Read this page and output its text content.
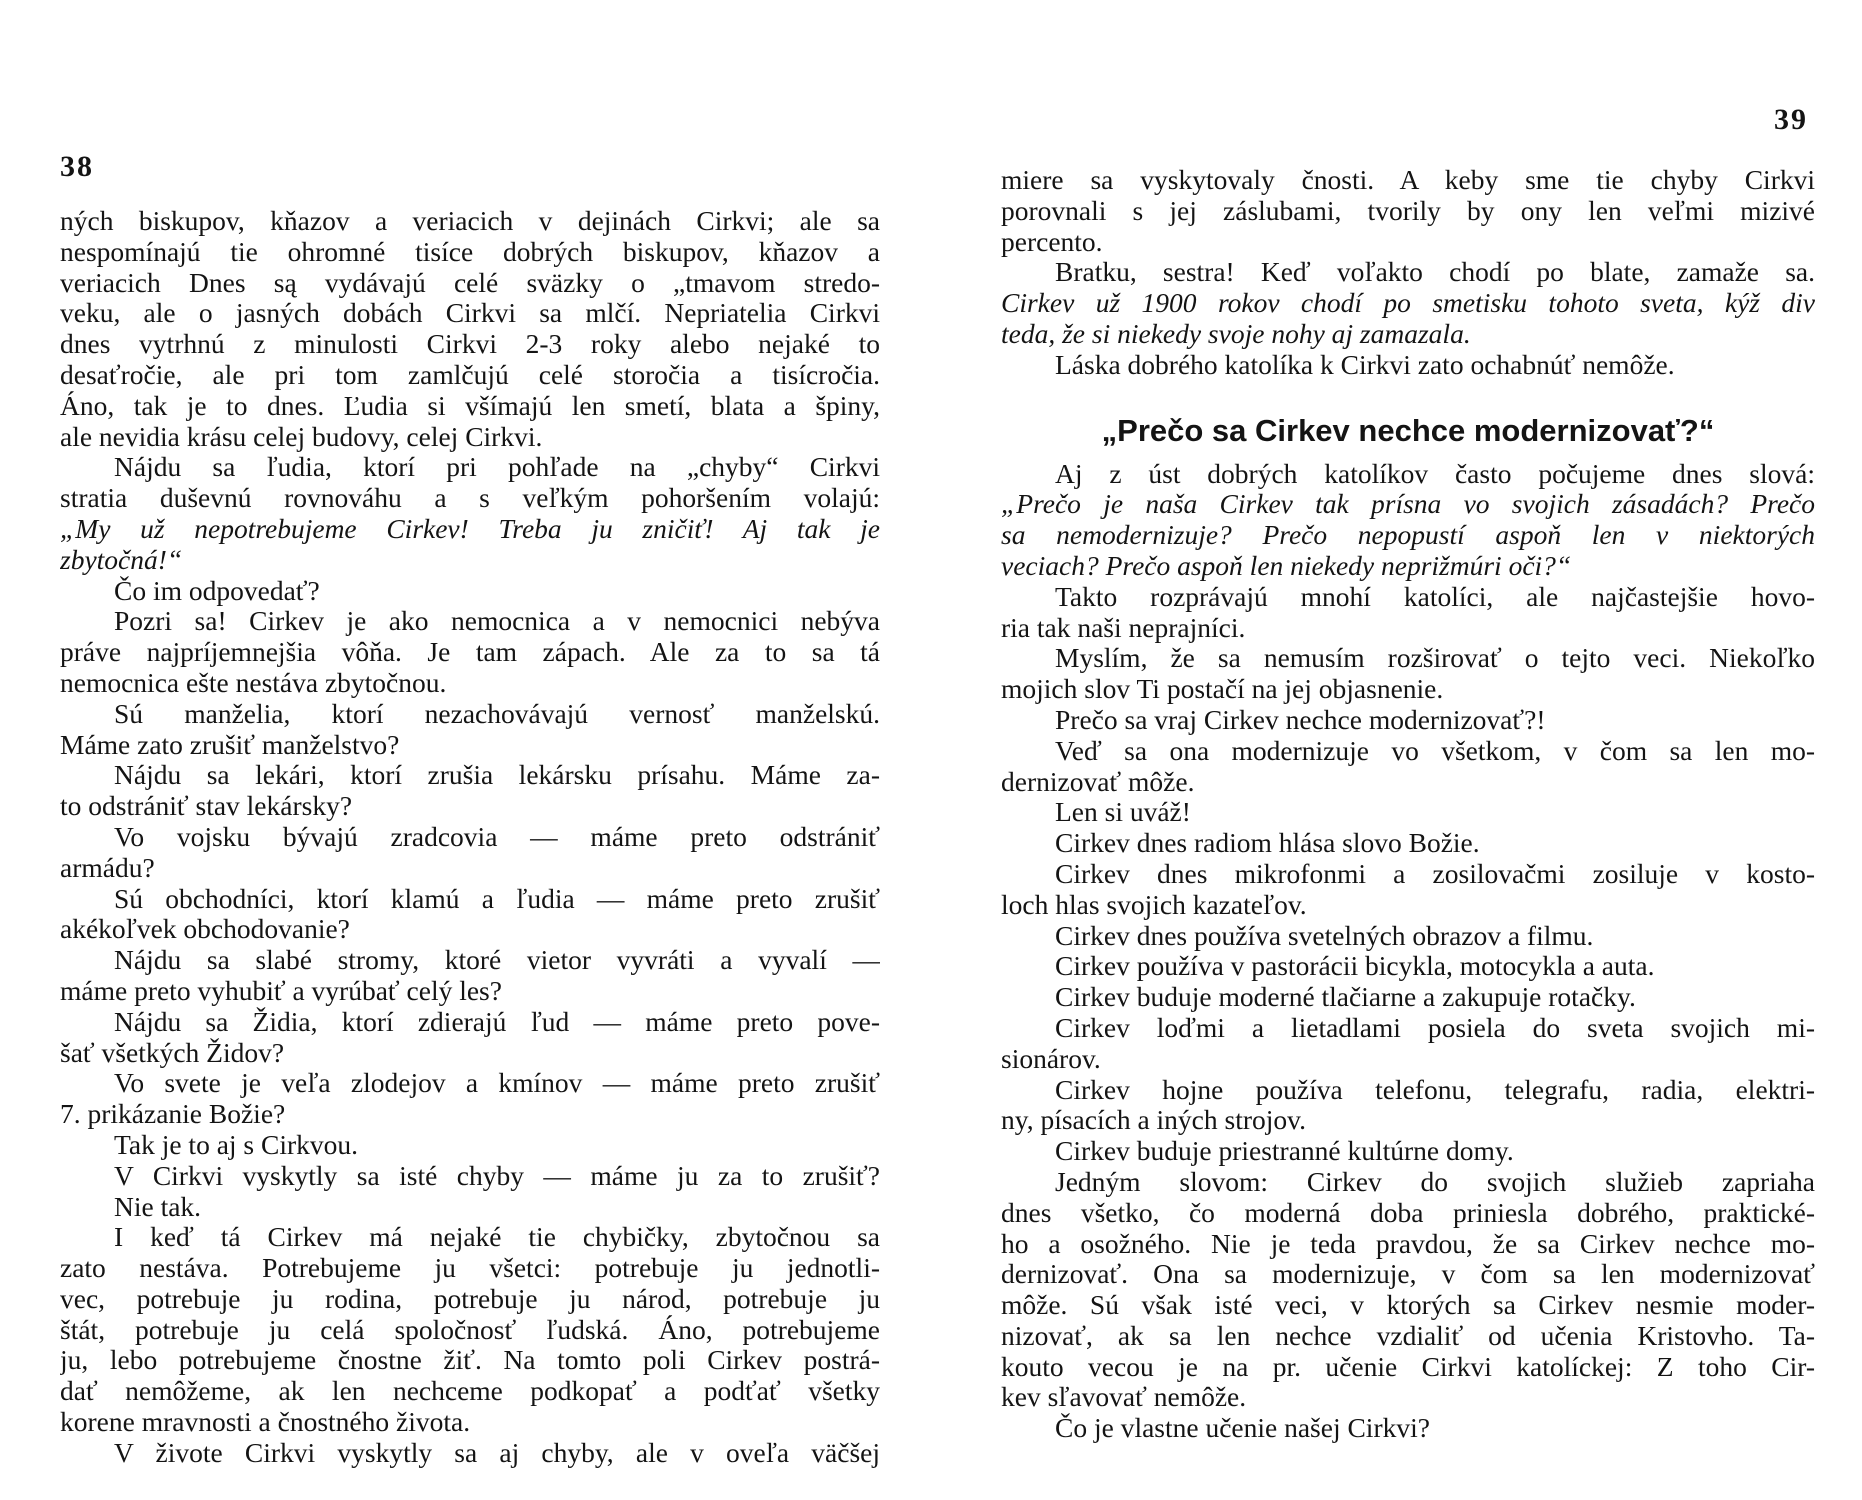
38
ných biskupov, kňazov a veriacich v dejinách Cirkvi; ale sa
nespomínajú tie ohromné tisíce dobrých biskupov, kňazov a
veriacich Dnes są vydávajú celé sväzky o „tmavom stredo-
veku, ale o jasných dobách Cirkvi sa mlčí. Nepriatelia Cirkvi
dnes vytrhnú z minulosti Cirkvi 2-3 roky alebo nejaké to
desaťročie, ale pri tom zamlčujú celé storočia a tisícročia.
Áno, tak je to dnes. Ľudia si všímajú len smetí, blata a špiny,
ale nevidia krásu celej budovy, celej Cirkvi.
Nájdu sa ľudia, ktorí pri pohľade na „chyby“ Cirkvi
stratia duševnú rovnováhu a s veľkým pohoršením volajú:
„My už nepotrebujeme Cirkev! Treba ju zničiť! Aj tak je
zbytočná!“
Čo im odpovedať?
Pozri sa! Cirkev je ako nemocnica a v nemocnici nebýva
práve najpríjemnejšia vôňa. Je tam zápach. Ale za to sa tá
nemocnica ešte nestáva zbytočnou.
Sú manželia, ktorí nezachovávajú vernosť manželskú.
Máme zato zrušiť manželstvo?
Nájdu sa lekári, ktorí zrušia lekársku prísahu. Máme za-
to odstrániť stav lekársky?
Vo vojsku bývajú zradcovia — máme preto odstrániť
armádu?
Sú obchodníci, ktorí klamú a ľudia — máme preto zrušiť
akékoľvek obchodovanie?
Nájdu sa slabé stromy, ktoré vietor vyvráti a vyvalí —
máme preto vyhubiť a vyrúbať celý les?
Nájdu sa Židia, ktorí zdierajú ľud — máme preto pove-
šať všetkých Židov?
Vo svete je veľa zlodejov a kmínov — máme preto zrušiť
7. prikázanie Božie?
Tak je to aj s Cirkvou.
V Cirkvi vyskytly sa isté chyby — máme ju za to zrušiť?
Nie tak.
I keď tá Cirkev má nejaké tie chybičky, zbytočnou sa
zato nestáva. Potrebujeme ju všetci: potrebuje ju jednotli-
vec, potrebuje ju rodina, potrebuje ju národ, potrebuje ju
štát, potrebuje ju celá spoločnosť ľudská. Áno, potrebujeme
ju, lebo potrebujeme čnostne žiť. Na tomto poli Cirkev postrá-
dať nemôžeme, ak len nechceme podkopať a podťať všetky
korene mravnosti a čnostného života.
V živote Cirkvi vyskytly sa aj chyby, ale v oveľa väčšej
39
miere sa vyskytovaly čnosti. A keby sme tie chyby Cirkvi
porovnali s jej záslubami, tvorily by ony len veľmi mizivé
percento.
Bratku, sestra! Keď voľakto chodí po blate, zamaže sa.
Cirkev už 1900 rokov chodí po smetisku tohoto sveta, kýž div
teda, že si niekedy svoje nohy aj zamazala.
Láska dobrého katolíka k Cirkvi zato ochabnúť nemôže.
„Prečo sa Cirkev nechce modernizovať?“
Aj z úst dobrých katolíkov často počujeme dnes slová:
„Prečo je naša Cirkev tak prísna vo svojich zásadách? Prečo
sa nemodernizuje? Prečo nepopustí aspoň len v niektorých
veciach? Prečo aspoň len niekedy neprižmúri oči?“
Takto rozprávajú mnohí katolíci, ale najčastejšie hovo-
ria tak naši neprajníci.
Myslím, že sa nemusím rozširovať o tejto veci. Niekoľko
mojich slov Ti postačí na jej objasnenie.
Prečo sa vraj Cirkev nechce modernizovať?!
Veď sa ona modernizuje vo všetkom, v čom sa len mo-
dernizovať môže.
Len si uváž!
Cirkev dnes radiom hlása slovo Božie.
Cirkev dnes mikrofonmi a zosilovačmi zosiluje v kosto-
loch hlas svojich kazateľov.
Cirkev dnes používa svetelných obrazov a filmu.
Cirkev používa v pastorácii bicykla, motocykla a auta.
Cirkev buduje moderné tlačiarne a zakupuje rotačky.
Cirkev loďmi a lietadlami posiela do sveta svojich mi-
sionárov.
Cirkev hojne používa telefonu, telegrafu, radia, elektri-
ny, písacích a iných strojov.
Cirkev buduje priestranné kultúrne domy.
Jedným slovom: Cirkev do svojich služieb zapriaha
dnes všetko, čo moderná doba priniesla dobrého, praktické-
ho a osožného. Nie je teda pravdou, že sa Cirkev nechce mo-
dernizovať. Ona sa modernizuje, v čom sa len modernizovať
môže. Sú však isté veci, v ktorých sa Cirkev nesmie moder-
nizovať, ak sa len nechce vzdialiť od učenia Kristovho. Ta-
kouto vecou je na pr. učenie Cirkvi katolíckej: Z toho Cir-
kev sľavovať nemôže.
Čo je vlastne učenie našej Cirkvi?
